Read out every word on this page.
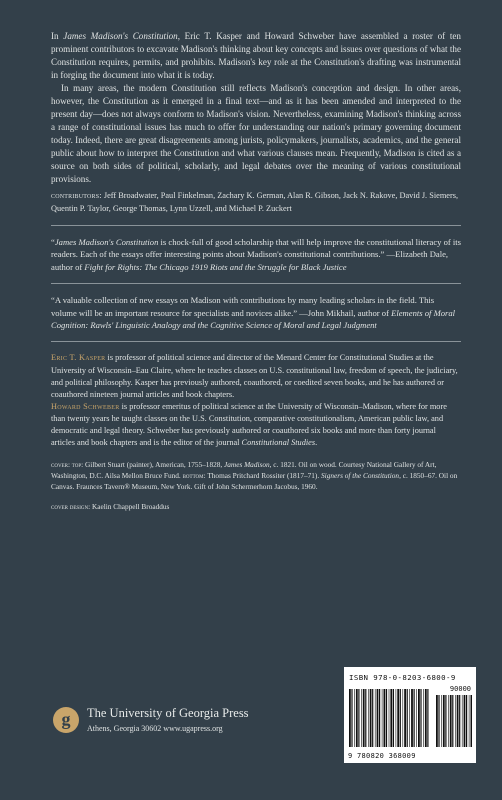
In James Madison's Constitution, Eric T. Kasper and Howard Schweber have assembled a roster of ten prominent contributors to excavate Madison's thinking about key concepts and issues over questions of what the Constitution requires, permits, and prohibits. Madison's key role at the Constitution's drafting was instrumental in forging the document into what it is today.

In many areas, the modern Constitution still reflects Madison's conception and design. In other areas, however, the Constitution as it emerged in a final text—and as it has been amended and interpreted to the present day—does not always conform to Madison's vision. Nevertheless, examining Madison's thinking across a range of constitutional issues has much to offer for understanding our nation's primary governing document today. Indeed, there are great disagreements among jurists, policymakers, journalists, academics, and the general public about how to interpret the Constitution and what various clauses mean. Frequently, Madison is cited as a source on both sides of political, scholarly, and legal debates over the meaning of various constitutional provisions.

contributors: Jeff Broadwater, Paul Finkelman, Zachary K. German, Alan R. Gibson, Jack N. Rakove, David J. Siemers, Quentin P. Taylor, George Thomas, Lynn Uzzell, and Michael P. Zuckert

“James Madison's Constitution is chock-full of good scholarship that will help improve the constitutional literacy of its readers. Each of the essays offer interesting points about Madison's constitutional contributions.” —Elizabeth Dale, author of Fight for Rights: The Chicago 1919 Riots and the Struggle for Black Justice

“A valuable collection of new essays on Madison with contributions by many leading scholars in the field. This volume will be an important resource for specialists and novices alike.” —John Mikhail, author of Elements of Moral Cognition: Rawls' Linguistic Analogy and the Cognitive Science of Moral and Legal Judgment

Eric T. Kasper is professor of political science and director of the Menard Center for Constitutional Studies at the University of Wisconsin–Eau Claire, where he teaches classes on U.S. constitutional law, freedom of speech, the judiciary, and political philosophy. Kasper has previously authored, coauthored, or coedited seven books, and he has authored or coauthored nineteen journal articles and book chapters.

Howard Schweber is professor emeritus of political science at the University of Wisconsin–Madison, where for more than twenty years he taught classes on the U.S. Constitution, comparative constitutionalism, American public law, and democratic and legal theory. Schweber has previously authored or coauthored six books and more than forty journal articles and book chapters and is the editor of the journal Constitutional Studies.

cover: top: Gilbert Stuart (painter), American, 1755–1828, James Madison, c. 1821. Oil on wood. Courtesy National Gallery of Art, Washington, D.C. Ailsa Mellon Bruce Fund. bottom: Thomas Pritchard Rossiter (1817–71). Signers of the Constitution, c. 1850–67. Oil on Canvas. Fraunces Tavern® Museum, New York. Gift of John Schermerhorn Jacobus, 1960.

cover design: Kaelin Chappell Broaddus

g	The University of Georgia Press
Athens, Georgia 30602 www.ugapress.org
ISBN 978-0-8203-6800-9
90000
9 780820 368009
